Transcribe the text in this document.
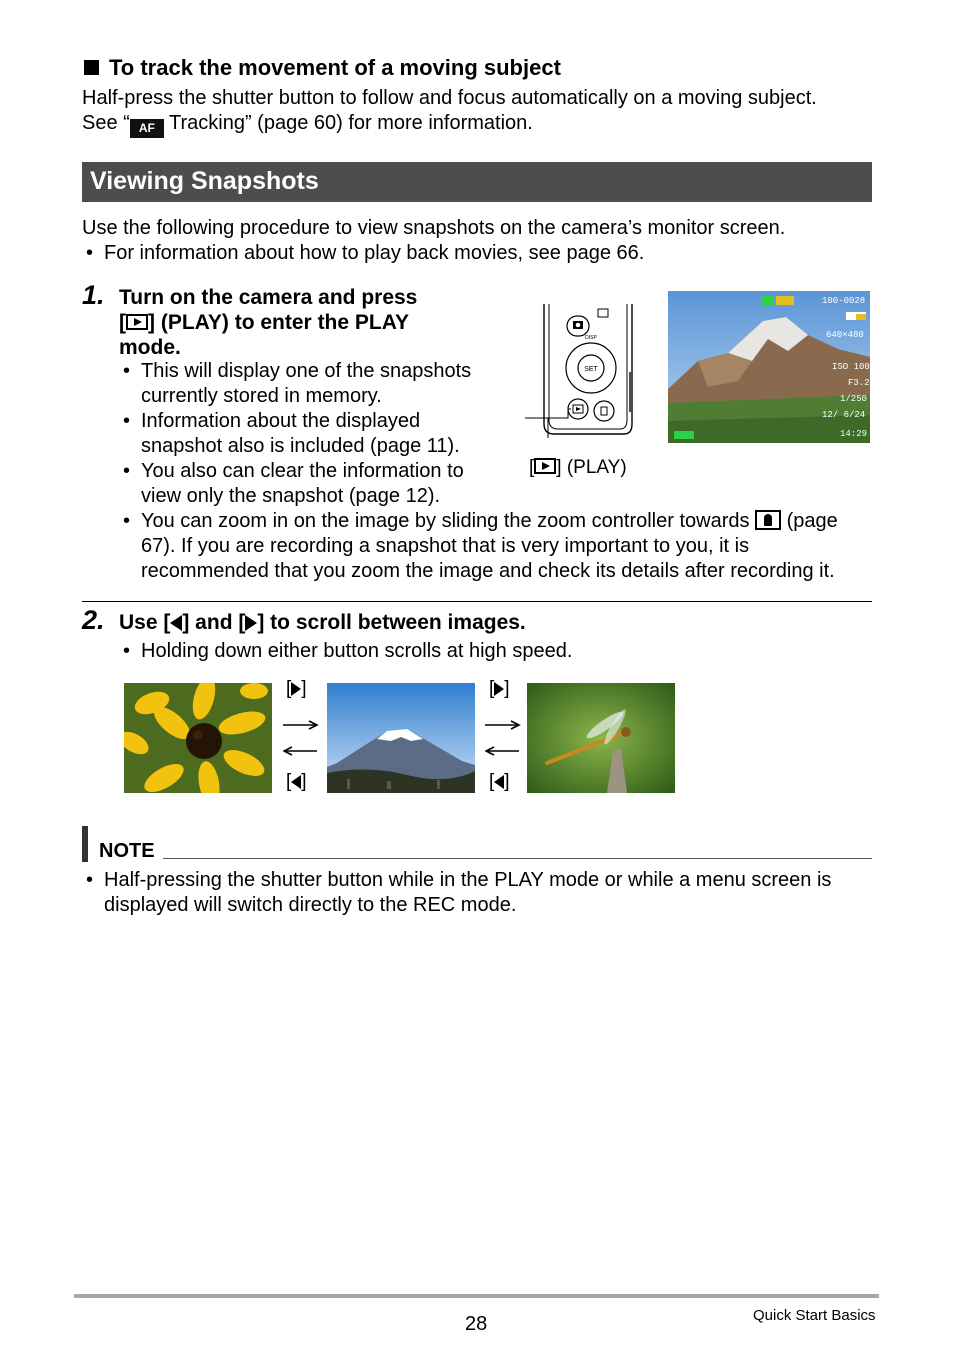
To track the movement of a moving subject
Half-press the shutter button to follow and focus automatically on a moving subject.
See “ AF Tracking” (page 60) for more information.
Viewing Snapshots
Use the following procedure to view snapshots on the camera’s monitor screen.
• For information about how to play back movies, see page 66.
1. Turn on the camera and press
[ ] (PLAY) to enter the PLAY
mode.
• This will display one of the snapshots
currently stored in memory.
• Information about the displayed
snapshot also is included (page 11).
• You also can clear the information to
view only the snapshot (page 12).
• You can zoom in on the image by sliding the zoom controller towards  (page
67). If you are recording a snapshot that is very important to you, it is
recommended that you zoom the image and check its details after recording it.
SET
DISP
[ ] (PLAY)
100-0028
640×480
ISO 100
F3.2
1/250
12/ 6/24
14:29
2. Use [ ] and [ ] to scroll between images.
• Holding down either button scrolls at high speed.
[ ]
[ ]
[ ]
[ ]
NOTE
• Half-pressing the shutter button while in the PLAY mode or while a menu screen is
displayed will switch directly to the REC mode.
28	Quick Start Basics
